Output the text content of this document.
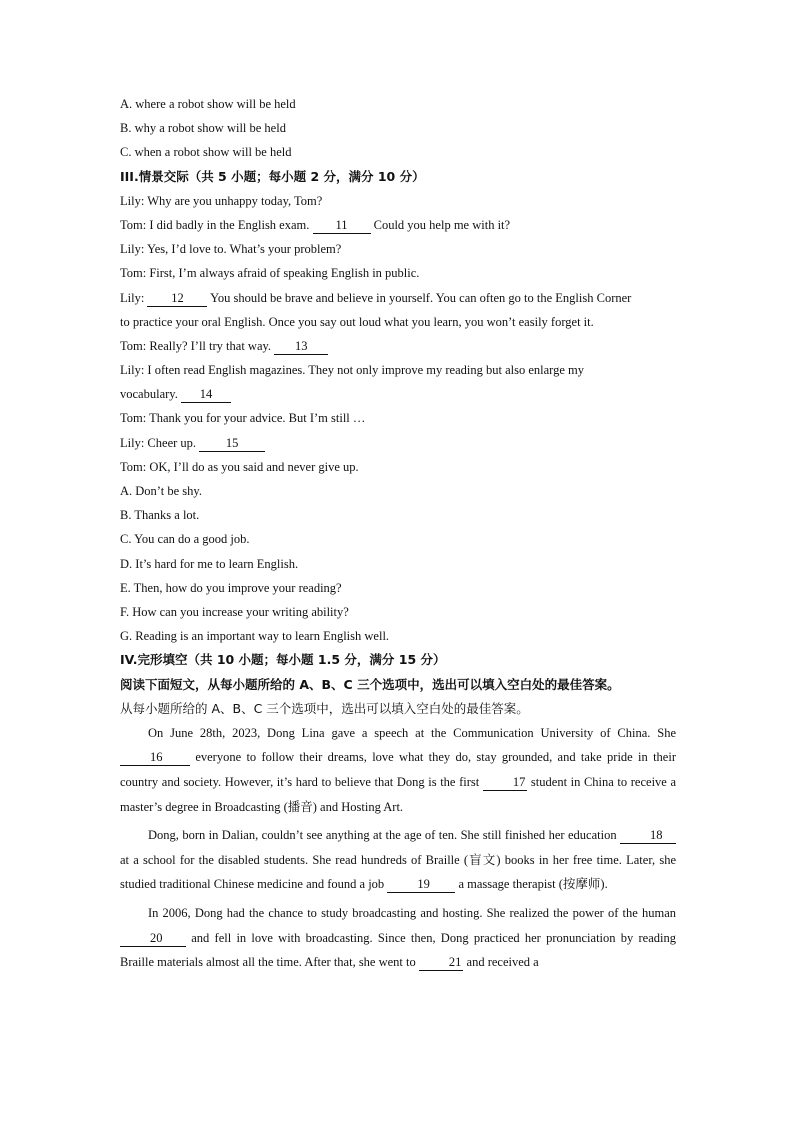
A. where a robot show will be held
B. why a robot show will be held
C. when a robot show will be held
III.情景交际（共 5 小题；每小题 2 分，满分 10 分）
Lily: Why are you unhappy today, Tom?
Tom: I did badly in the English exam. 11 Could you help me with it?
Lily: Yes, I’d love to. What’s your problem?
Tom: First, I’m always afraid of speaking English in public.
Lily: 12 You should be brave and believe in yourself. You can often go to the English Corner
to practice your oral English. Once you say out loud what you learn, you won’t easily forget it.
Tom: Really? I’ll try that way. 13
Lily: I often read English magazines. They not only improve my reading but also enlarge my
vocabulary. 14
Tom: Thank you for your advice. But I’m still …
Lily: Cheer up. 15
Tom: OK, I’ll do as you said and never give up.
A. Don’t be shy.
B. Thanks a lot.
C. You can do a good job.
D. It’s hard for me to learn English.
E. Then, how do you improve your reading?
F. How can you increase your writing ability?
G. Reading is an important way to learn English well.
IV.完形填空（共 10 小题；每小题 1.5 分，满分 15 分）
阅读下面短文，从每小题所给的 A、B、C 三个选项中，选出可以填入空白处的最佳答案。
从每小题所给的 A、B、C 三个选项中，选出可以填入空白处的最佳答案。
On June 28th, 2023, Dong Lina gave a speech at the Communication University of China. She 16 everyone to follow their dreams, love what they do, stay grounded, and take pride in their country and society. However, it’s hard to believe that Dong is the first 17 student in China to receive a master’s degree in Broadcasting (播音) and Hosting Art.
Dong, born in Dalian, couldn’t see anything at the age of ten. She still finished her education 18 at a school for the disabled students. She read hundreds of Braille (盲文) books in her free time. Later, she studied traditional Chinese medicine and found a job 19 a massage therapist (按摩师).
In 2006, Dong had the chance to study broadcasting and hosting. She realized the power of the human 20 and fell in love with broadcasting. Since then, Dong practiced her pronunciation by reading Braille materials almost all the time. After that, she went to 21 and received a
